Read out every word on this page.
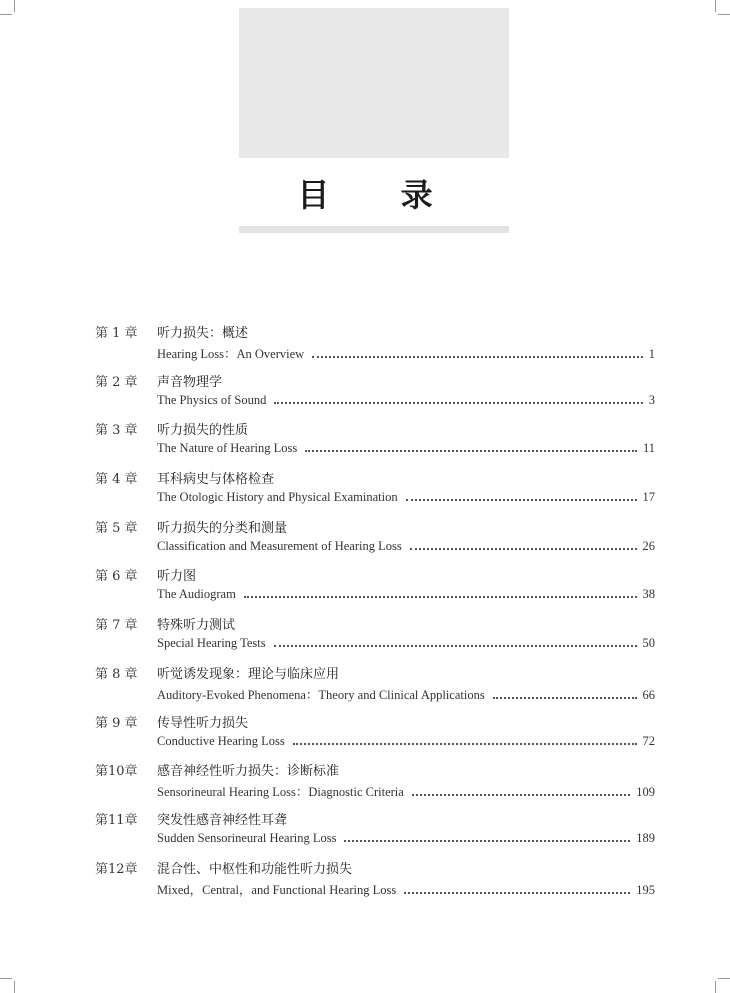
目 录
第 1 章 听力损失：概述
Hearing Loss：An Overview	1
第 2 章 声音物理学
The Physics of Sound	3
第 3 章 听力损失的性质
The Nature of Hearing Loss	11
第 4 章 耳科病史与体格检查
The Otologic History and Physical Examination	17
第 5 章 听力损失的分类和测量
Classification and Measurement of Hearing Loss	26
第 6 章 听力图
The Audiogram	38
第 7 章 特殊听力测试
Special Hearing Tests	50
第 8 章 听觉诱发现象：理论与临床应用
Auditory-Evoked Phenomena：Theory and Clinical Applications	66
第 9 章 传导性听力损失
Conductive Hearing Loss	72
第10章 感音神经性听力损失：诊断标准
Sensorineural Hearing Loss：Diagnostic Criteria	109
第11章 突发性感音神经性耳聋
Sudden Sensorineural Hearing Loss	189
第12章 混合性、中枢性和功能性听力损失
Mixed，Central，and Functional Hearing Loss	195
